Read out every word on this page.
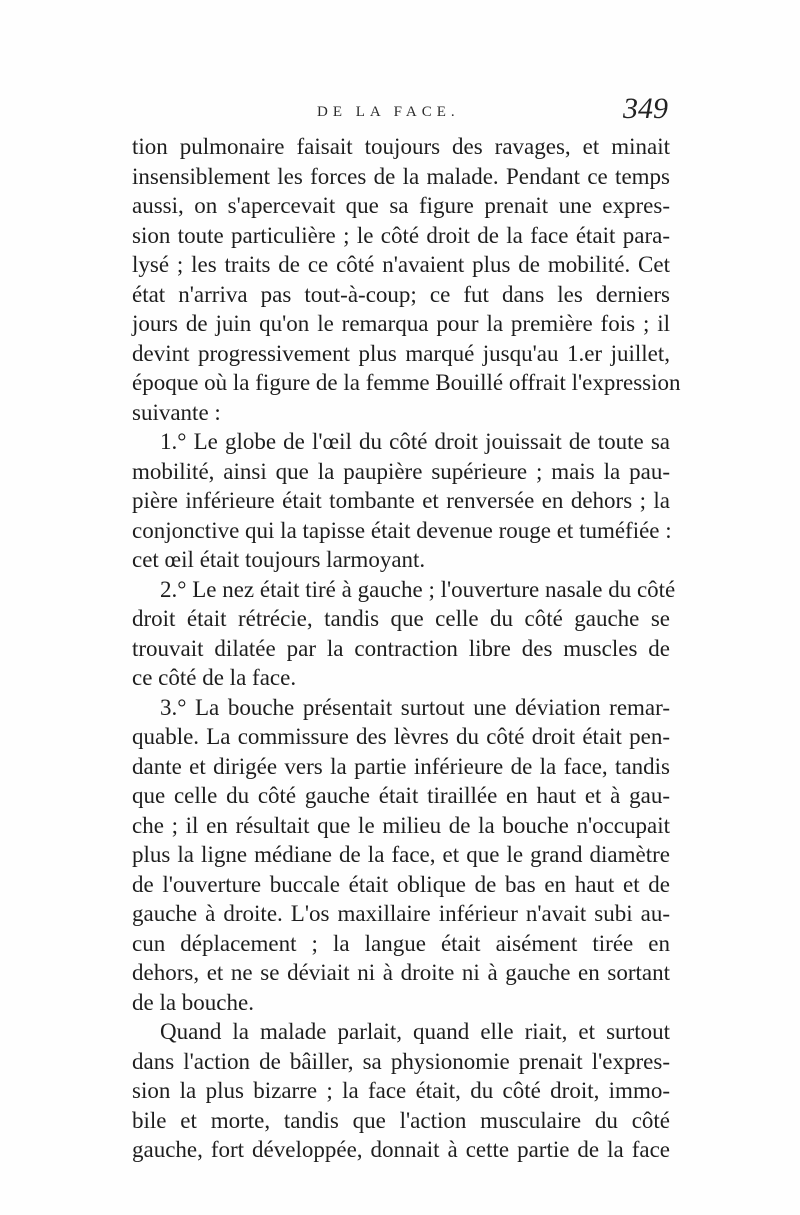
DE LA FACE.	349
tion pulmonaire faisait toujours des ravages, et minait
insensiblement les forces de la malade. Pendant ce temps
aussi, on s'apercevait que sa figure prenait une expres-
sion toute particulière ; le côté droit de la face était para-
lysé ; les traits de ce côté n'avaient plus de mobilité. Cet
état n'arriva pas tout-à-coup; ce fut dans les derniers
jours de juin qu'on le remarqua pour la première fois ; il
devint progressivement plus marqué jusqu'au 1.er juillet,
époque où la figure de la femme Bouillé offrait l'expression
suivante :
1.° Le globe de l'œil du côté droit jouissait de toute sa
mobilité, ainsi que la paupière supérieure ; mais la pau-
pière inférieure était tombante et renversée en dehors ; la
conjonctive qui la tapisse était devenue rouge et tuméfiée :
cet œil était toujours larmoyant.
2.° Le nez était tiré à gauche ; l'ouverture nasale du côté
droit était rétrécie, tandis que celle du côté gauche se
trouvait dilatée par la contraction libre des muscles de
ce côté de la face.
3.° La bouche présentait surtout une déviation remar-
quable. La commissure des lèvres du côté droit était pen-
dante et dirigée vers la partie inférieure de la face, tandis
que celle du côté gauche était tiraillée en haut et à gau-
che ; il en résultait que le milieu de la bouche n'occupait
plus la ligne médiane de la face, et que le grand diamètre
de l'ouverture buccale était oblique de bas en haut et de
gauche à droite. L'os maxillaire inférieur n'avait subi au-
cun déplacement ; la langue était aisément tirée en
dehors, et ne se déviait ni à droite ni à gauche en sortant
de la bouche.
Quand la malade parlait, quand elle riait, et surtout
dans l'action de bâiller, sa physionomie prenait l'expres-
sion la plus bizarre ; la face était, du côté droit, immo-
bile et morte, tandis que l'action musculaire du côté
gauche, fort développée, donnait à cette partie de la face
